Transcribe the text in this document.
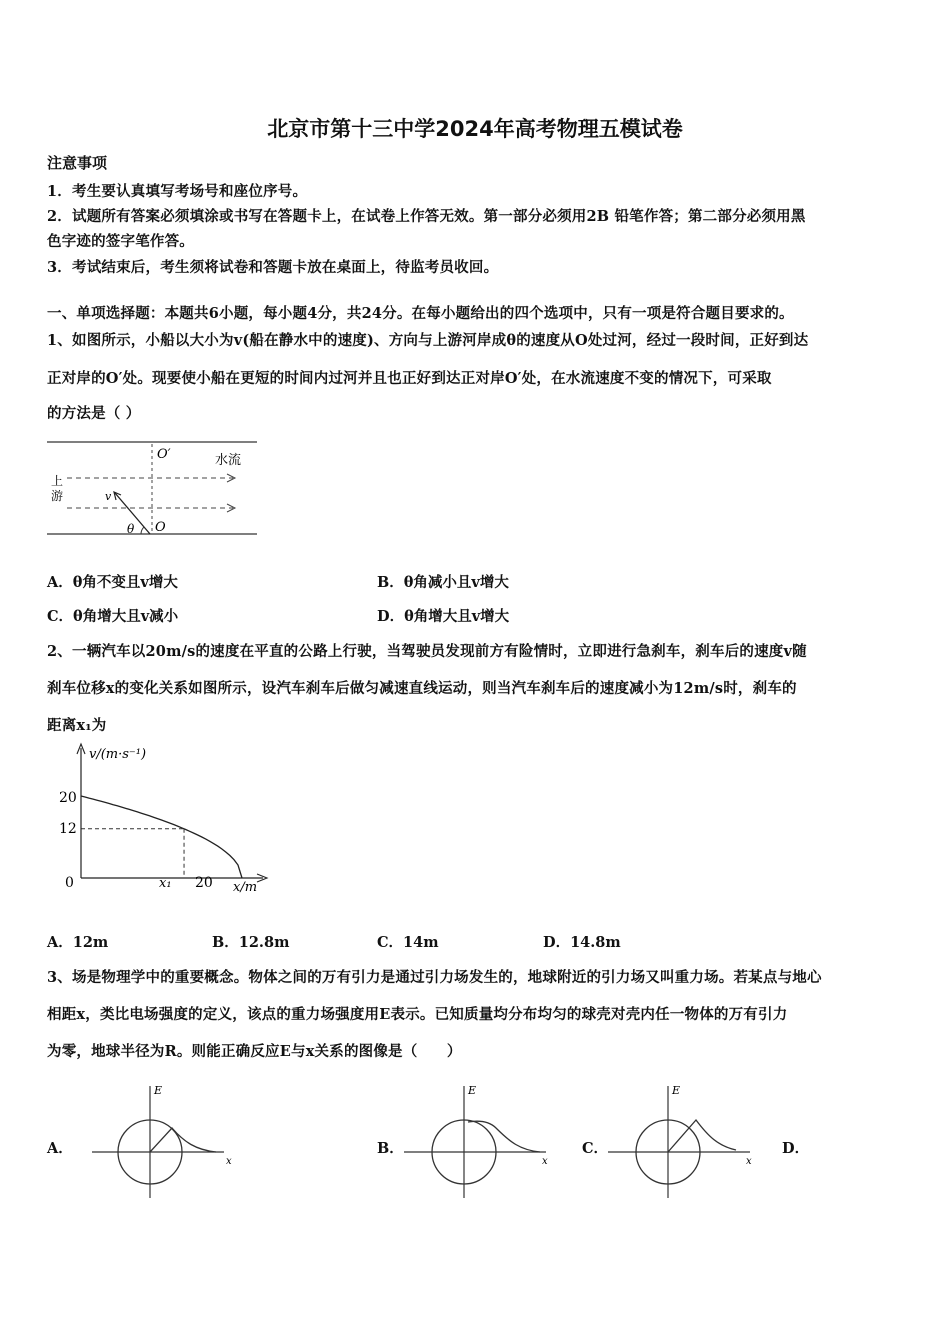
北京市第十三中学2024年高考物理五模试卷
注意事项
1．考生要认真填写考场号和座位序号。
2．试题所有答案必须填涂或书写在答题卡上，在试卷上作答无效。第一部分必须用2B 铅笔作答；第二部分必须用黑
色字迹的签字笔作答。
3．考试结束后，考生须将试卷和答题卡放在桌面上，待监考员收回。
一、单项选择题：本题共6小题，每小题4分，共24分。在每小题给出的四个选项中，只有一项是符合题目要求的。
1、如图所示，小船以大小为v(船在静水中的速度)、方向与上游河岸成θ的速度从O处过河，经过一段时间，正好到达
正对岸的O′处。现要使小船在更短的时间内过河并且也正好到达正对岸O′处，在水流速度不变的情况下，可采取
的方法是（ ）
O′	水流
上
游	v
θ O
A．θ角不变且v增大	B．θ角减小且v增大
C．θ角增大且v减小	D．θ角增大且v增大
2、一辆汽车以20m/s的速度在平直的公路上行驶，当驾驶员发现前方有险情时，立即进行急刹车，刹车后的速度v随
刹车位移x的变化关系如图所示，设汽车刹车后做匀减速直线运动，则当汽车刹车后的速度减小为12m/s时，刹车的
距离x₁为
v/(m·s⁻¹)
x/m
20
12
0	x₁ 20
A．12m	B．12.8m	C．14m	D．14.8m
3、场是物理学中的重要概念。物体之间的万有引力是通过引力场发生的，地球附近的引力场又叫重力场。若某点与地心
相距x，类比电场强度的定义，该点的重力场强度用E表示。已知质量均分布均匀的球壳对壳内任一物体的万有引力
为零，地球半径为R。则能正确反应E与x关系的图像是（　　）
A．
E
x
B．
E
x
C．
E
x
D．
